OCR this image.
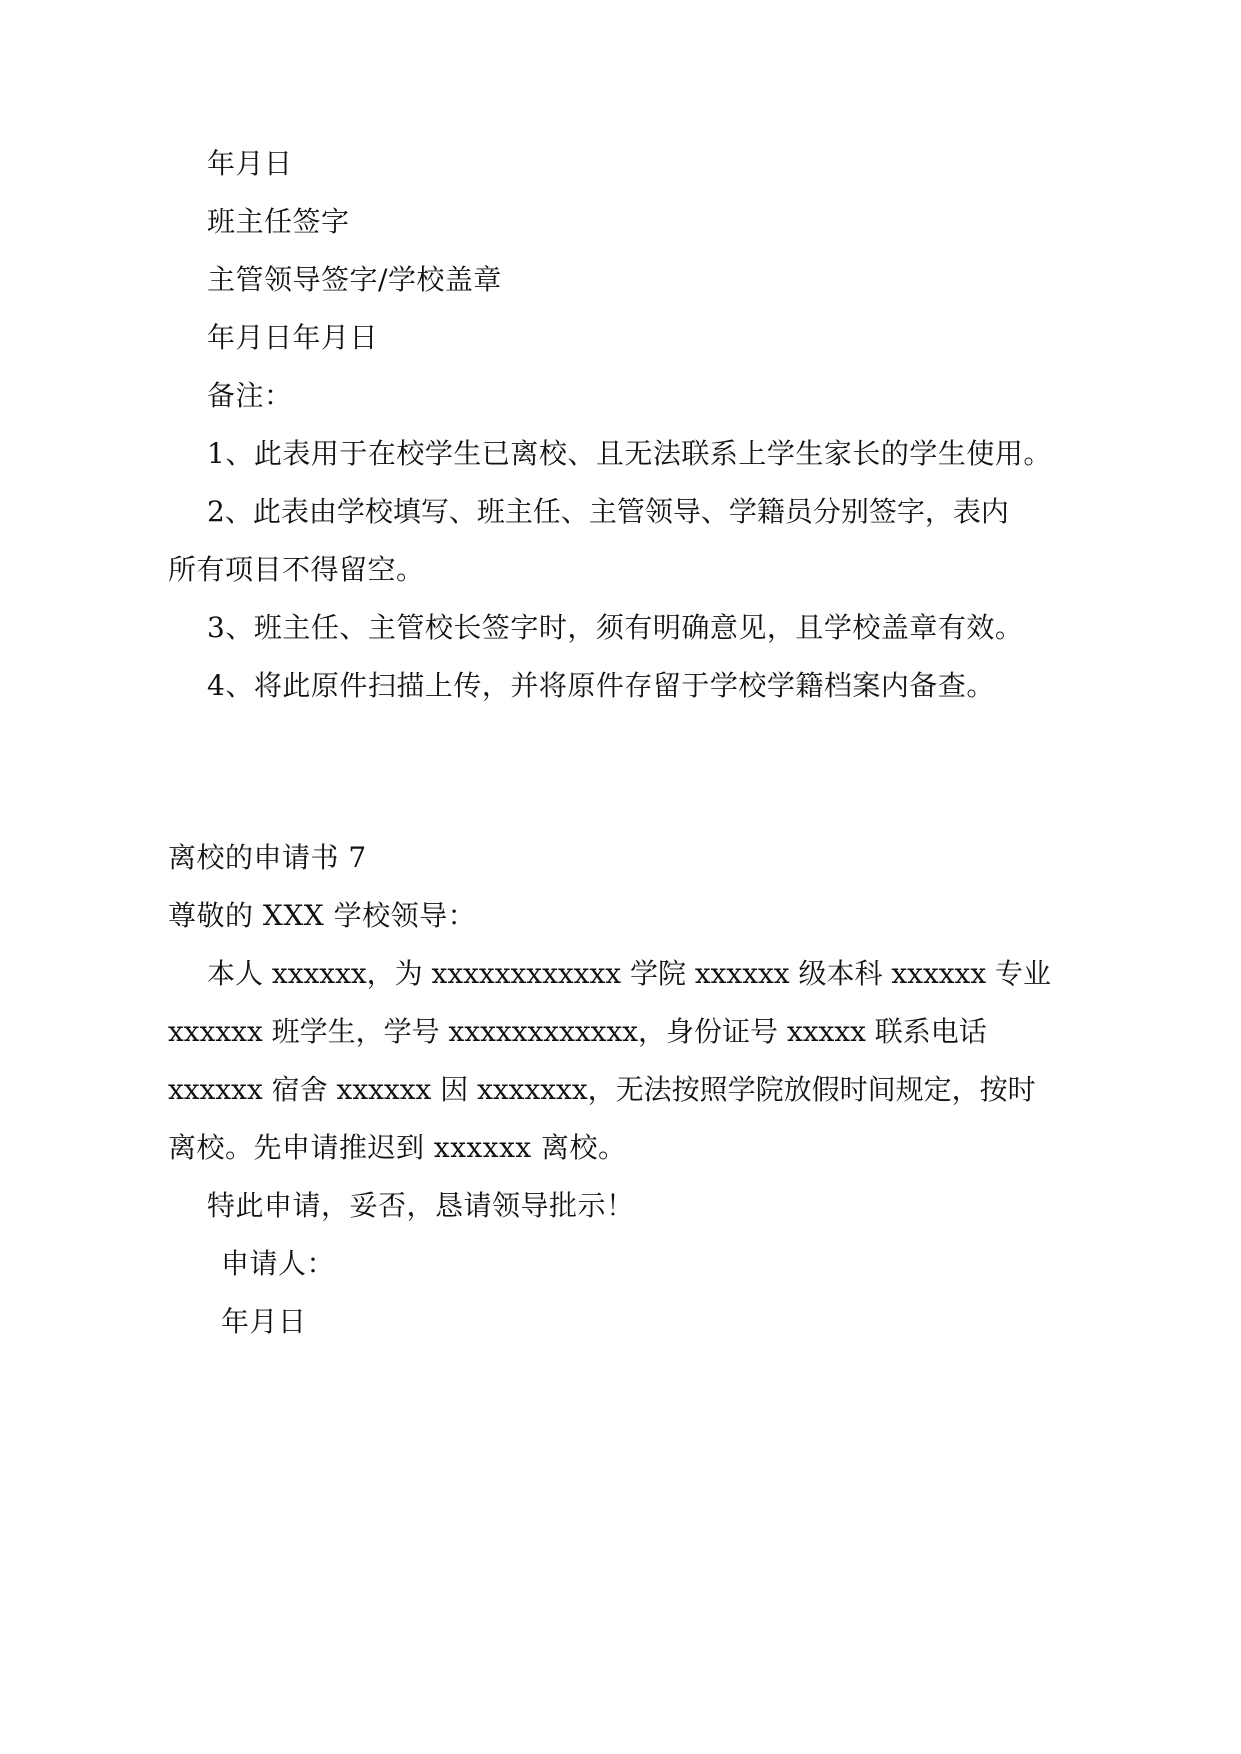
年月日
班主任签字
主管领导签字/学校盖章
年月日年月日
备注：
1、此表用于在校学生已离校、且无法联系上学生家长的学生使用。
2、此表由学校填写、班主任、主管领导、学籍员分别签字，表内
所有项目不得留空。
3、班主任、主管校长签字时，须有明确意见，且学校盖章有效。
4、将此原件扫描上传，并将原件存留于学校学籍档案内备查。
离校的申请书 7
尊敬的 XXX 学校领导：
本人 xxxxxx，为 xxxxxxxxxxxx 学院 xxxxxx 级本科 xxxxxx 专业
xxxxxx 班学生，学号 xxxxxxxxxxxx，身份证号 xxxxx 联系电话
xxxxxx 宿舍 xxxxxx 因 xxxxxxx，无法按照学院放假时间规定，按时
离校。先申请推迟到 xxxxxx 离校。
特此申请，妥否，恳请领导批示！
申请人：
年月日
